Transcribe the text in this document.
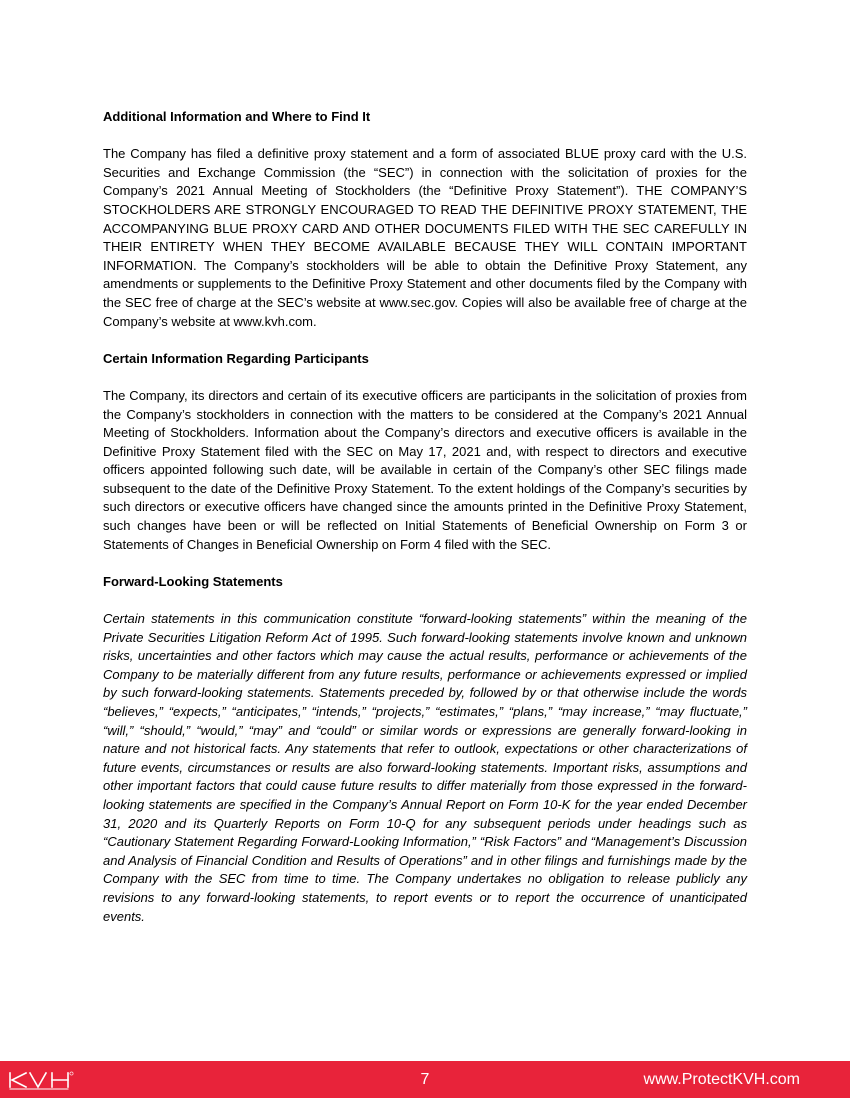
Additional Information and Where to Find It

The Company has filed a definitive proxy statement and a form of associated BLUE proxy card with the U.S. Securities and Exchange Commission (the “SEC”) in connection with the solicitation of proxies for the Company’s 2021 Annual Meeting of Stockholders (the “Definitive Proxy Statement”). THE COMPANY’S STOCKHOLDERS ARE STRONGLY ENCOURAGED TO READ THE DEFINITIVE PROXY STATEMENT, THE ACCOMPANYING BLUE PROXY CARD AND OTHER DOCUMENTS FILED WITH THE SEC CAREFULLY IN THEIR ENTIRETY WHEN THEY BECOME AVAILABLE BECAUSE THEY WILL CONTAIN IMPORTANT INFORMATION. The Company’s stockholders will be able to obtain the Definitive Proxy Statement, any amendments or supplements to the Definitive Proxy Statement and other documents filed by the Company with the SEC free of charge at the SEC’s website at www.sec.gov. Copies will also be available free of charge at the Company’s website at www.kvh.com.

Certain Information Regarding Participants

The Company, its directors and certain of its executive officers are participants in the solicitation of proxies from the Company’s stockholders in connection with the matters to be considered at the Company’s 2021 Annual Meeting of Stockholders. Information about the Company’s directors and executive officers is available in the Definitive Proxy Statement filed with the SEC on May 17, 2021 and, with respect to directors and executive officers appointed following such date, will be available in certain of the Company’s other SEC filings made subsequent to the date of the Definitive Proxy Statement. To the extent holdings of the Company’s securities by such directors or executive officers have changed since the amounts printed in the Definitive Proxy Statement, such changes have been or will be reflected on Initial Statements of Beneficial Ownership on Form 3 or Statements of Changes in Beneficial Ownership on Form 4 filed with the SEC.

Forward-Looking Statements

Certain statements in this communication constitute “forward-looking statements” within the meaning of the Private Securities Litigation Reform Act of 1995. Such forward-looking statements involve known and unknown risks, uncertainties and other factors which may cause the actual results, performance or achievements of the Company to be materially different from any future results, performance or achievements expressed or implied by such forward-looking statements. Statements preceded by, followed by or that otherwise include the words “believes,” “expects,” “anticipates,” “intends,” “projects,” “estimates,” “plans,” “may increase,” “may fluctuate,” “will,” “should,” “would,” “may” and “could” or similar words or expressions are generally forward-looking in nature and not historical facts. Any statements that refer to outlook, expectations or other characterizations of future events, circumstances or results are also forward-looking statements. Important risks, assumptions and other important factors that could cause future results to differ materially from those expressed in the forward-looking statements are specified in the Company’s Annual Report on Form 10-K for the year ended December 31, 2020 and its Quarterly Reports on Form 10-Q for any subsequent periods under headings such as “Cautionary Statement Regarding Forward-Looking Information,” “Risk Factors” and “Management’s Discussion and Analysis of Financial Condition and Results of Operations” and in other filings and furnishings made by the Company with the SEC from time to time. The Company undertakes no obligation to release publicly any revisions to any forward-looking statements, to report events or to report the occurrence of unanticipated events.

7	www.ProtectKVH.com
